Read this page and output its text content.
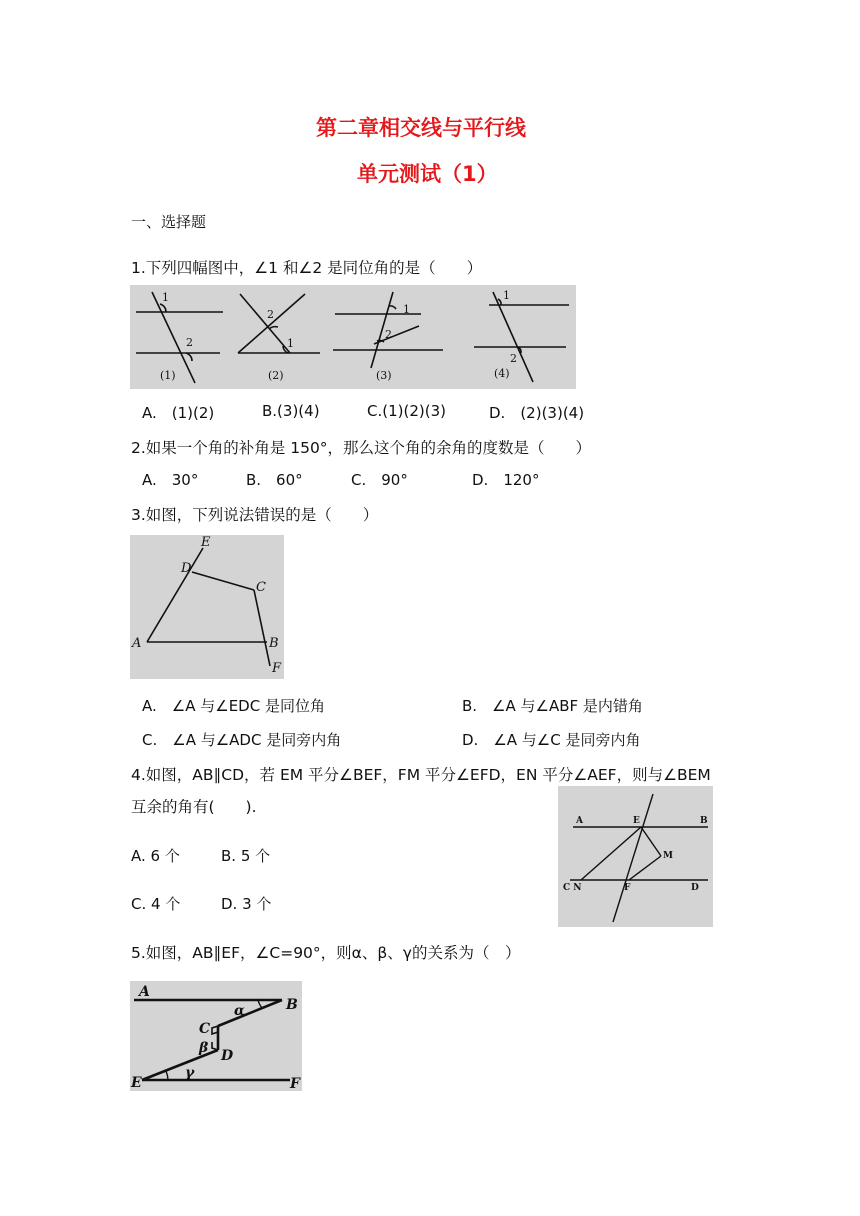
第二章相交线与平行线
单元测试（1）
一、选择题
1.下列四幅图中，∠1 和∠2 是同位角的是（　　）
1
2
(1)
2
1
(2)
1
2
(3)
1
2
(4)
A.　(1)(2)	B.(3)(4)	C.(1)(2)(3)	D.　(2)(3)(4)
2.如果一个角的补角是 150°，那么这个角的余角的度数是（　　）
A.　30°	B.　60°	C.　90°	D.　120°
3.如图，下列说法错误的是（　　）
E
D
C
A	B
F
A.　∠A 与∠EDC 是同位角	B.　∠A 与∠ABF 是内错角
C.　∠A 与∠ADC 是同旁内角	D.　∠A 与∠C 是同旁内角
4.如图，AB∥CD，若 EM 平分∠BEF，FM 平分∠EFD，EN 平分∠AEF，则与∠BEM
互余的角有(　　).
A	E	B
M
C N	F	D
A. 6 个	B. 5 个
C. 4 个	D. 3 个
5.如图，AB∥EF，∠C=90°，则α、β、γ的关系为（　）
A
B
α
C
β D
E
γ
F
